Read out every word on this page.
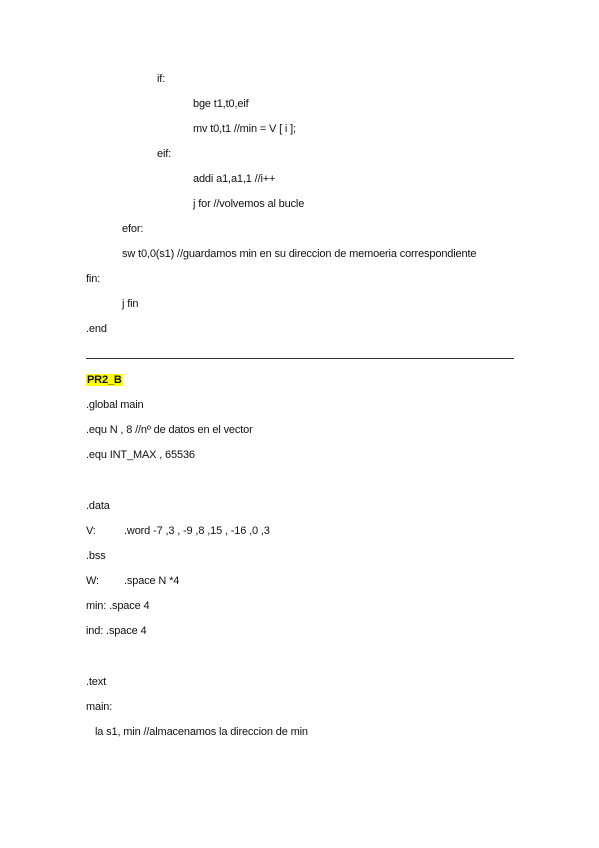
if:
bge t1,t0,eif
mv t0,t1 //min = V [ i ];
eif:
addi a1,a1,1 //i++
j for //volvemos al bucle
efor:
sw t0,0(s1) //guardamos min en su direccion de memoeria correspondiente
fin:
j fin
.end
PR2_B
.global main
.equ N , 8 //nº de datos en el vector
.equ INT_MAX , 65536
.data
V:	.word -7 ,3 , -9 ,8 ,15 , -16 ,0 ,3
.bss
W: .space N *4
min: .space 4
ind: .space 4
.text
main:
la s1, min //almacenamos la direccion de min
